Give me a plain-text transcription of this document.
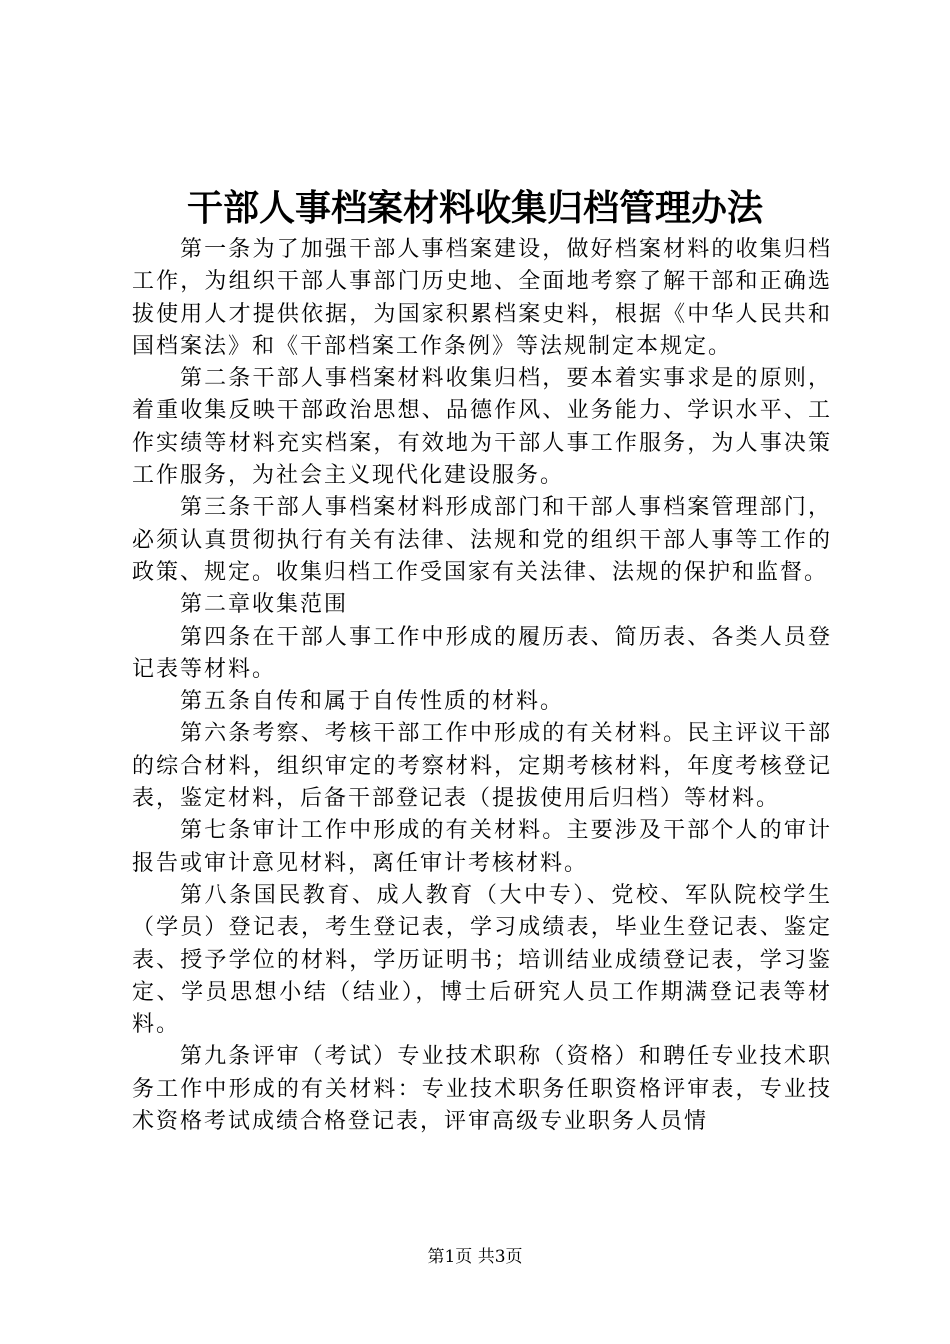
干部人事档案材料收集归档管理办法

第一条为了加强干部人事档案建设，做好档案材料的收集归档工作，为组织干部人事部门历史地、全面地考察了解干部和正确选拔使用人才提供依据，为国家积累档案史料，根据《中华人民共和国档案法》和《干部档案工作条例》等法规制定本规定。

第二条干部人事档案材料收集归档，要本着实事求是的原则，着重收集反映干部政治思想、品德作风、业务能力、学识水平、工作实绩等材料充实档案，有效地为干部人事工作服务，为人事决策工作服务，为社会主义现代化建设服务。

第三条干部人事档案材料形成部门和干部人事档案管理部门，必须认真贯彻执行有关有法律、法规和党的组织干部人事等工作的政策、规定。收集归档工作受国家有关法律、法规的保护和监督。

第二章收集范围

第四条在干部人事工作中形成的履历表、简历表、各类人员登记表等材料。

第五条自传和属于自传性质的材料。

第六条考察、考核干部工作中形成的有关材料。民主评议干部的综合材料，组织审定的考察材料，定期考核材料，年度考核登记表，鉴定材料，后备干部登记表（提拔使用后归档）等材料。

第七条审计工作中形成的有关材料。主要涉及干部个人的审计报告或审计意见材料，离任审计考核材料。

第八条国民教育、成人教育（大中专）、党校、军队院校学生（学员）登记表，考生登记表，学习成绩表，毕业生登记表、鉴定表、授予学位的材料，学历证明书；培训结业成绩登记表，学习鉴定、学员思想小结（结业），博士后研究人员工作期满登记表等材料。

第九条评审（考试）专业技术职称（资格）和聘任专业技术职务工作中形成的有关材料：专业技术职务任职资格评审表，专业技术资格考试成绩合格登记表，评审高级专业职务人员情

第1页 共3页
